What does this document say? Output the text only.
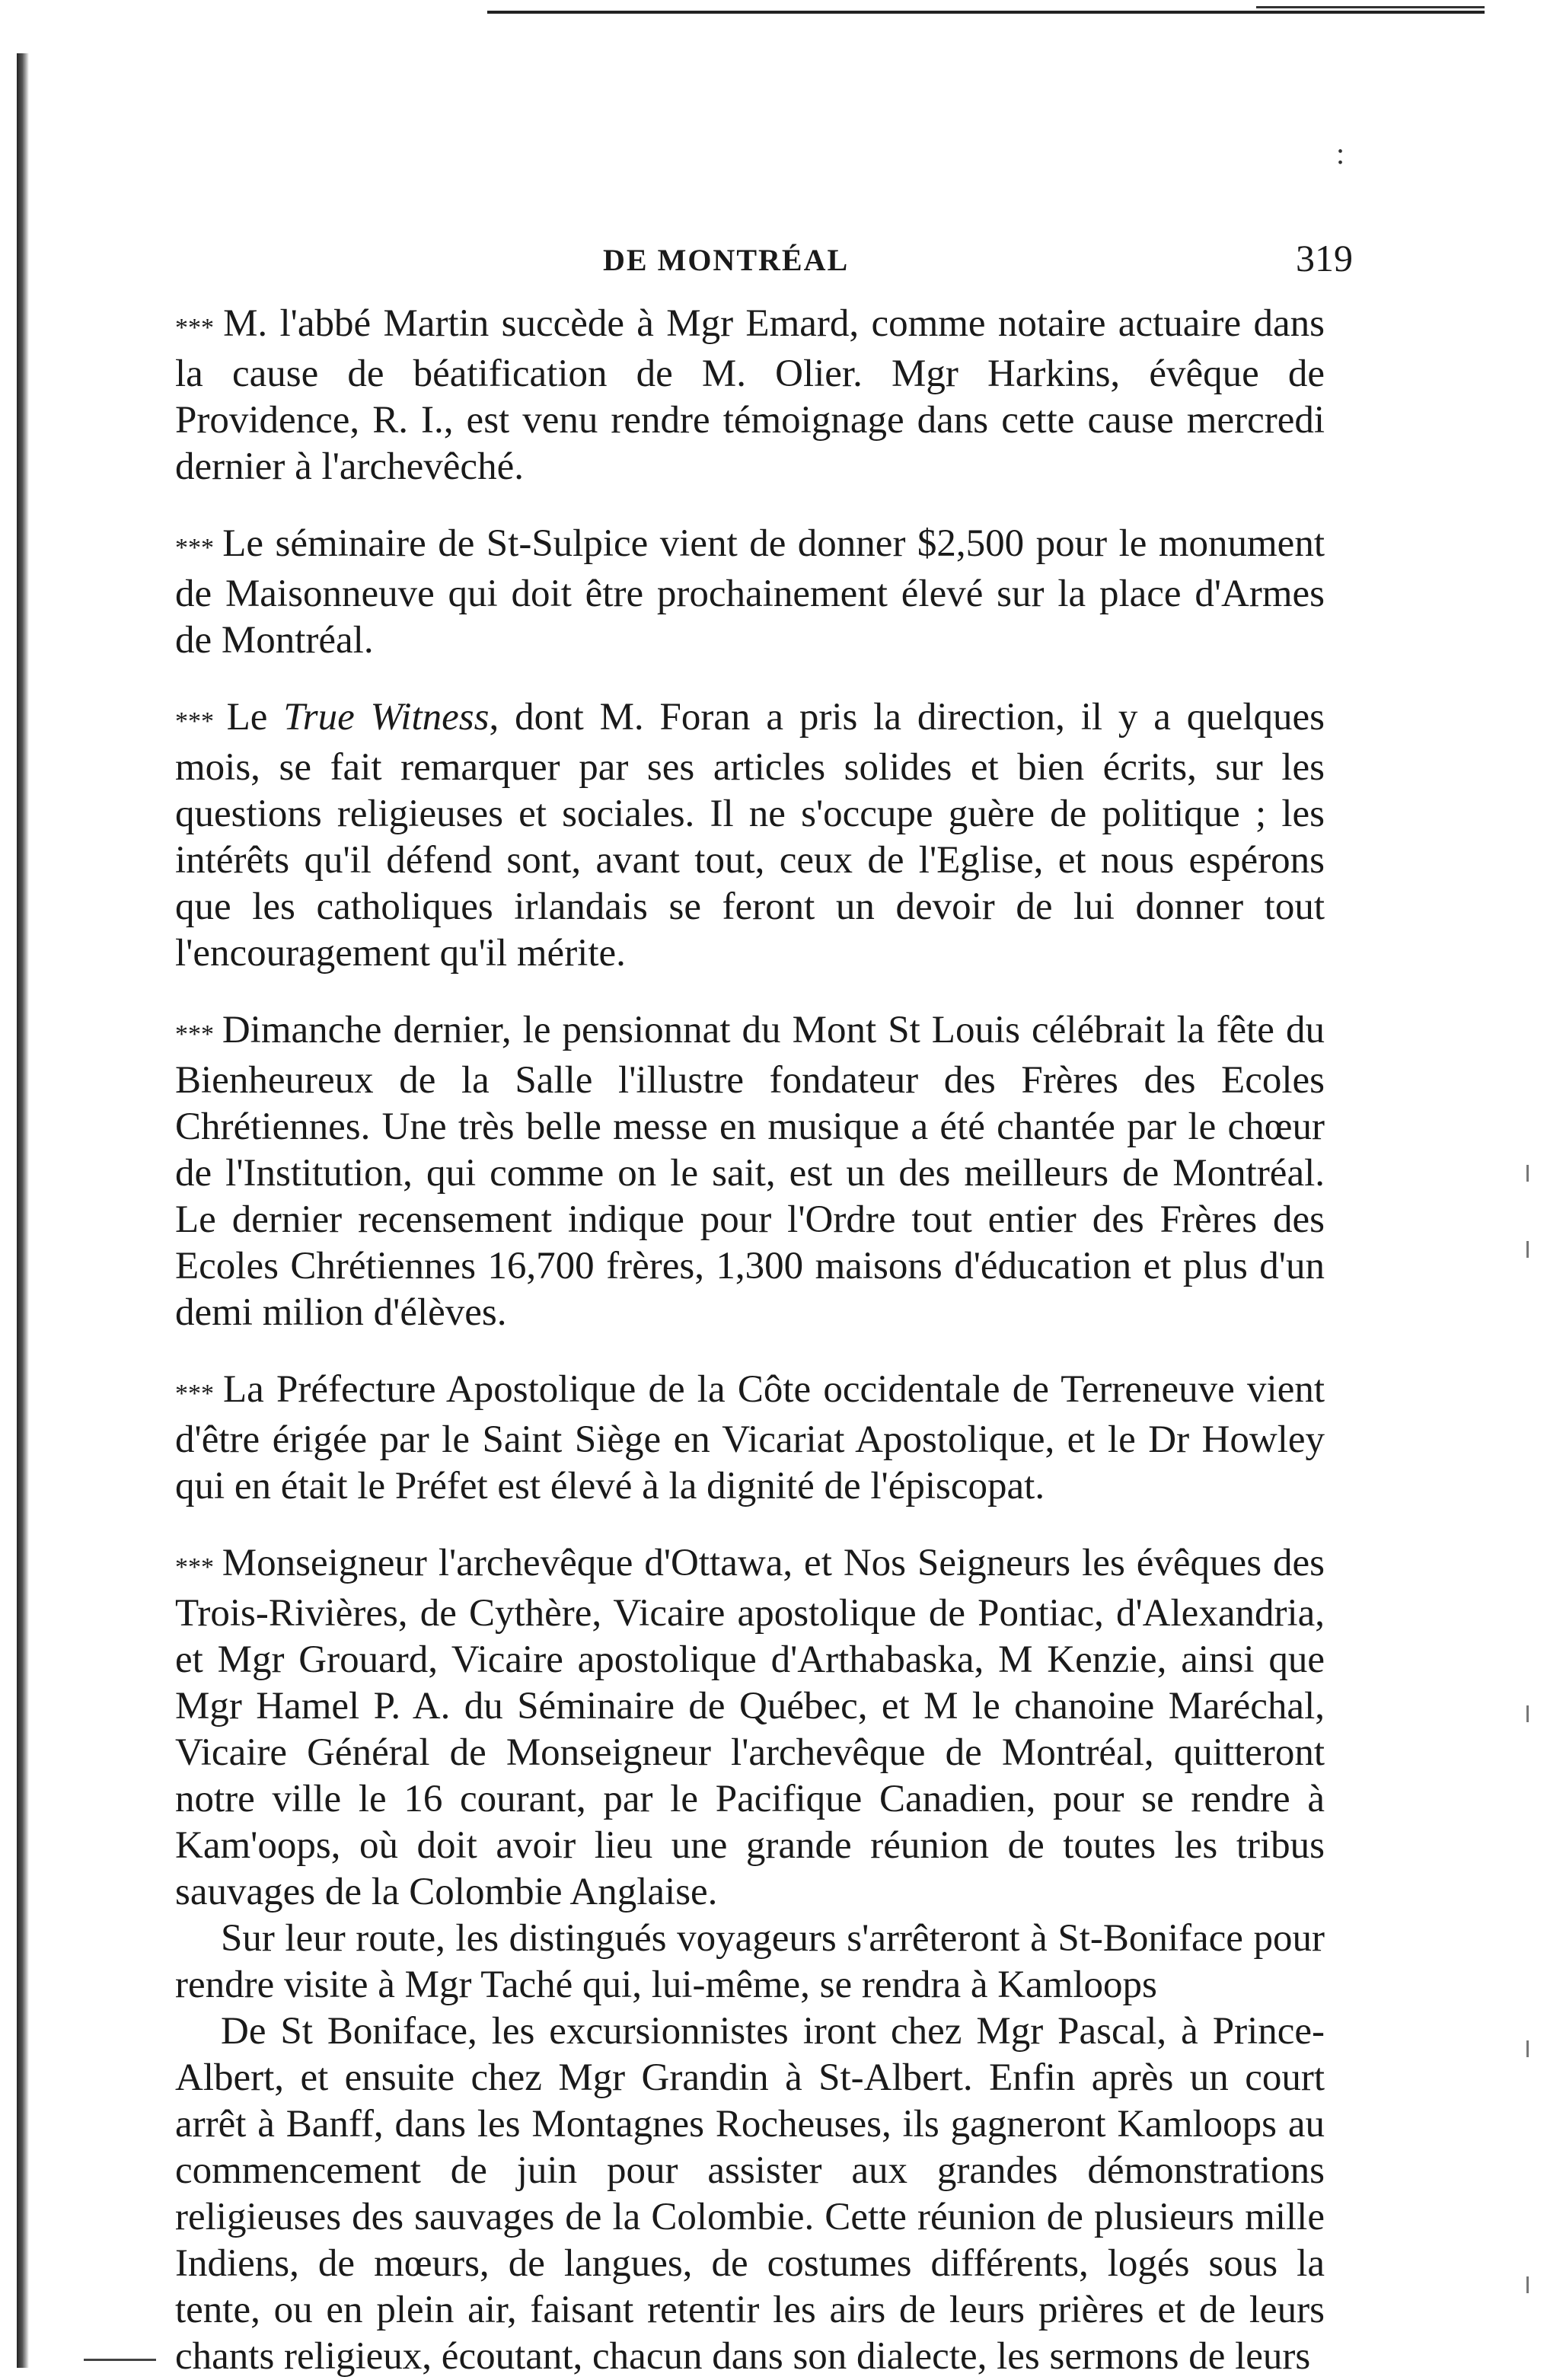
:
DE MONTRÉAL	319

*** M. l'abbé Martin succède à Mgr Emard, comme notaire actuaire dans la cause de béatification de M. Olier. Mgr Harkins, évêque de Providence, R. I., est venu rendre témoignage dans cette cause mercredi dernier à l'archevêché.

*** Le séminaire de St-Sulpice vient de donner $2,500 pour le monument de Maisonneuve qui doit être prochainement élevé sur la place d'Armes de Montréal.

*** Le True Witness, dont M. Foran a pris la direction, il y a quelques mois, se fait remarquer par ses articles solides et bien écrits, sur les questions religieuses et sociales. Il ne s'occupe guère de politique ; les intérêts qu'il défend sont, avant tout, ceux de l'Eglise, et nous espérons que les catholiques irlandais se feront un devoir de lui donner tout l'encouragement qu'il mérite.

*** Dimanche dernier, le pensionnat du Mont St Louis célébrait la fête du Bienheureux de la Salle l'illustre fondateur des Frères des Ecoles Chrétiennes. Une très belle messe en musique a été chantée par le chœur de l'Institution, qui comme on le sait, est un des meilleurs de Montréal. Le dernier recensement indique pour l'Ordre tout entier des Frères des Ecoles Chrétiennes 16,700 frères, 1,300 maisons d'éducation et plus d'un demi milion d'élèves.

*** La Préfecture Apostolique de la Côte occidentale de Terreneuve vient d'être érigée par le Saint Siège en Vicariat Apostolique, et le Dr Howley qui en était le Préfet est élevé à la dignité de l'épiscopat.

*** Monseigneur l'archevêque d'Ottawa, et Nos Seigneurs les évêques des Trois-Rivières, de Cythère, Vicaire apostolique de Pontiac, d'Alexandria, et Mgr Grouard, Vicaire apostolique d'Arthabaska, M Kenzie, ainsi que Mgr Hamel P. A. du Séminaire de Québec, et M le chanoine Maréchal, Vicaire Général de Monseigneur l'archevêque de Montréal, quitteront notre ville le 16 courant, par le Pacifique Canadien, pour se rendre à Kam'oops, où doit avoir lieu une grande réunion de toutes les tribus sauvages de la Colombie Anglaise.

Sur leur route, les distingués voyageurs s'arrêteront à St-Boniface pour rendre visite à Mgr Taché qui, lui-même, se rendra à Kamloops

De St Boniface, les excursionnistes iront chez Mgr Pascal, à Prince-Albert, et ensuite chez Mgr Grandin à St-Albert. Enfin après un court arrêt à Banff, dans les Montagnes Rocheuses, ils gagneront Kamloops au commencement de juin pour assister aux grandes démonstrations religieuses des sauvages de la Colombie. Cette réunion de plusieurs mille Indiens, de mœurs, de langues, de costumes différents, logés sous la tente, ou en plein air, faisant retentir les airs de leurs prières et de leurs chants religieux, écoutant, chacun dans son dialecte, les sermons de leurs
